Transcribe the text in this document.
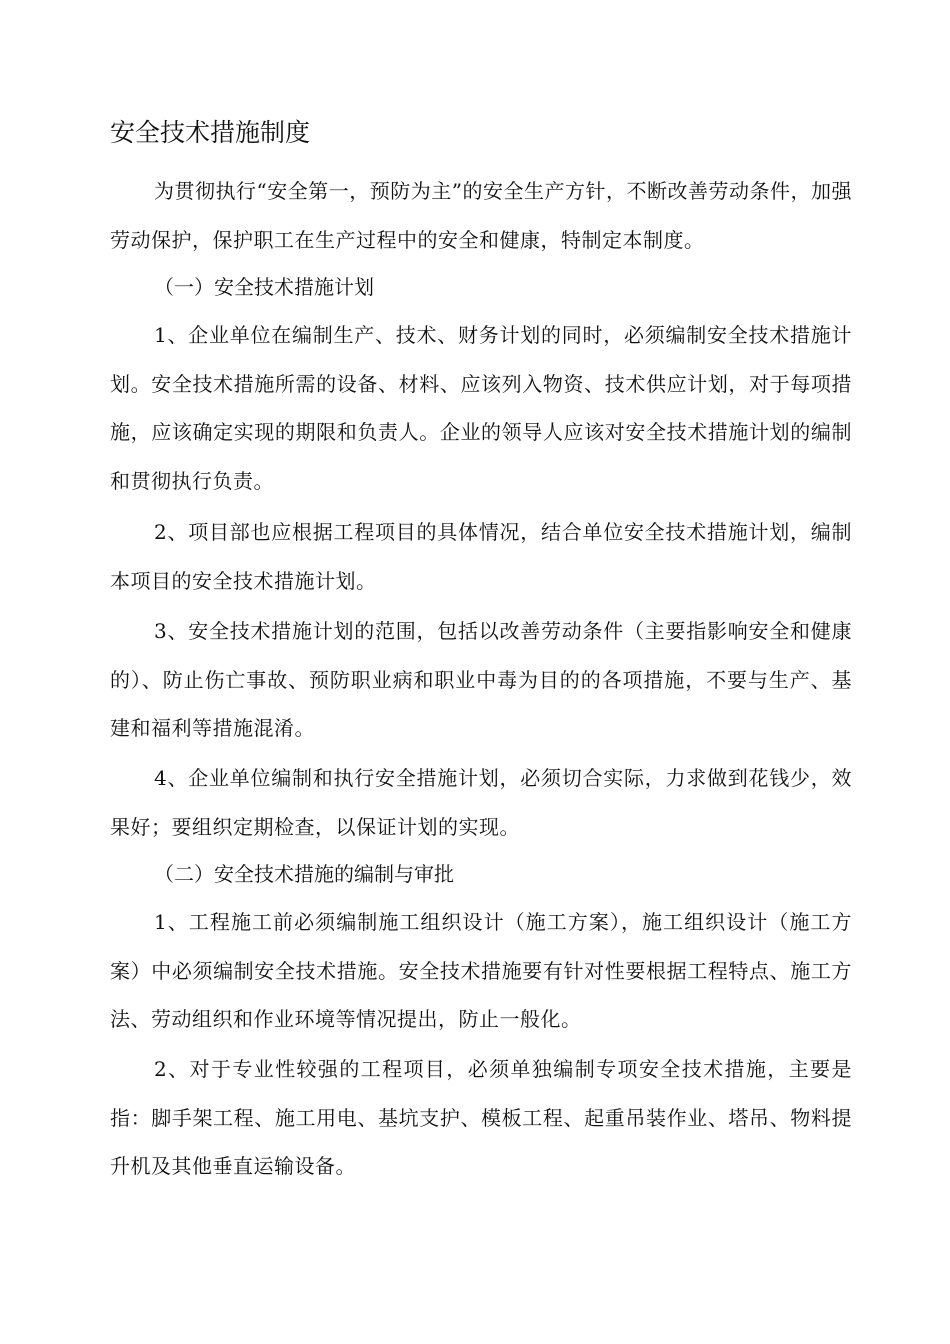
安全技术措施制度

为贯彻执行“安全第一，预防为主”的安全生产方针，不断改善劳动条件，加强劳动保护，保护职工在生产过程中的安全和健康，特制定本制度。

（一）安全技术措施计划

1、企业单位在编制生产、技术、财务计划的同时，必须编制安全技术措施计划。安全技术措施所需的设备、材料、应该列入物资、技术供应计划，对于每项措施，应该确定实现的期限和负责人。企业的领导人应该对安全技术措施计划的编制和贯彻执行负责。

2、项目部也应根据工程项目的具体情况，结合单位安全技术措施计划，编制本项目的安全技术措施计划。

3、安全技术措施计划的范围，包括以改善劳动条件（主要指影响安全和健康的）、防止伤亡事故、预防职业病和职业中毒为目的的各项措施，不要与生产、基建和福利等措施混淆。

4、企业单位编制和执行安全措施计划，必须切合实际，力求做到花钱少，效果好；要组织定期检查，以保证计划的实现。

（二）安全技术措施的编制与审批

1、工程施工前必须编制施工组织设计（施工方案），施工组织设计（施工方案）中必须编制安全技术措施。安全技术措施要有针对性要根据工程特点、施工方法、劳动组织和作业环境等情况提出，防止一般化。

2、对于专业性较强的工程项目，必须单独编制专项安全技术措施，主要是指：脚手架工程、施工用电、基坑支护、模板工程、起重吊装作业、塔吊、物料提升机及其他垂直运输设备。
